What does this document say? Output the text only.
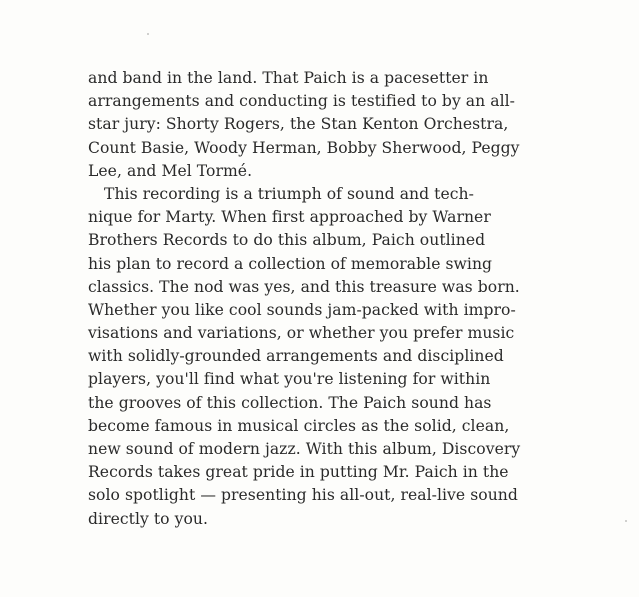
and band in the land. That Paich is a pacesetter in
arrangements and conducting is testified to by an all-
star jury: Shorty Rogers, the Stan Kenton Orchestra,
Count Basie, Woody Herman, Bobby Sherwood, Peggy
Lee, and Mel Tormé.
This recording is a triumph of sound and tech-
nique for Marty. When first approached by Warner
Brothers Records to do this album, Paich outlined
his plan to record a collection of memorable swing
classics. The nod was yes, and this treasure was born.
Whether you like cool sounds jam-packed with impro-
visations and variations, or whether you prefer music
with solidly-grounded arrangements and disciplined
players, you'll find what you're listening for within
the grooves of this collection. The Paich sound has
become famous in musical circles as the solid, clean,
new sound of modern jazz. With this album, Discovery
Records takes great pride in putting Mr. Paich in the
solo spotlight — presenting his all-out, real-live sound
directly to you.
